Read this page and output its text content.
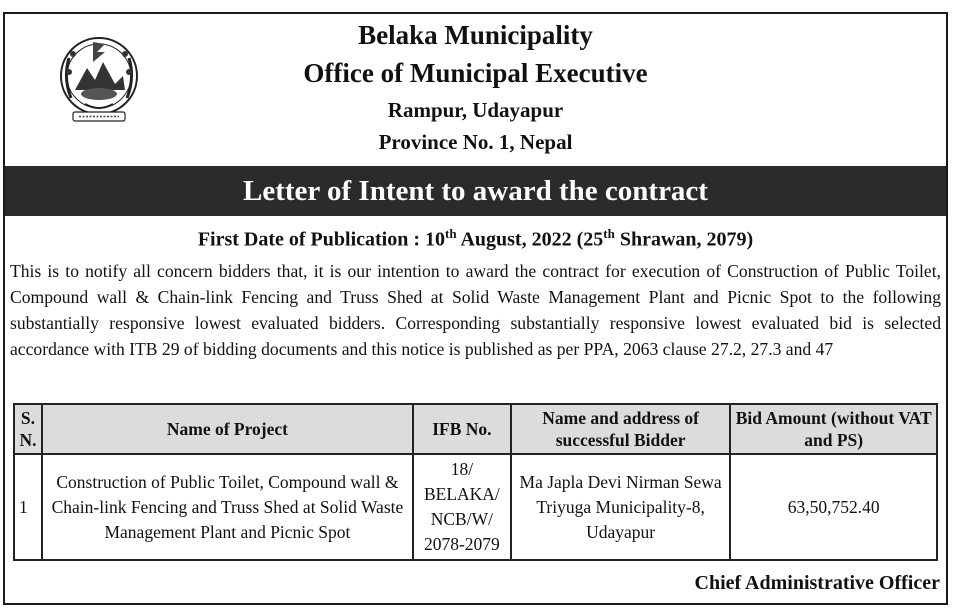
Belaka Municipality
Office of Municipal Executive
Rampur, Udayapur
Province No. 1, Nepal
Letter of Intent to award the contract
First Date of Publication : 10th August, 2022 (25th Shrawan, 2079)
This is to notify all concern bidders that, it is our intention to award the contract for execution of Construction of Public Toilet, Compound wall & Chain-link Fencing and Truss Shed at Solid Waste Management Plant and Picnic Spot to the following substantially responsive lowest evaluated bidders. Corresponding substantially responsive lowest evaluated bid is selected accordance with ITB 29 of bidding documents and this notice is published as per PPA, 2063 clause 27.2, 27.3 and 47
S. N.	Name of Project	IFB No.	Name and address of successful Bidder	Bid Amount (without VAT and PS)
1	Construction of Public Toilet, Compound wall & Chain-link Fencing and Truss Shed at Solid Waste Management Plant and Picnic Spot	18/ BELAKA/ NCB/W/ 2078-2079	Ma Japla Devi Nirman Sewa Triyuga Municipality-8, Udayapur	63,50,752.40
Chief Administrative Officer
